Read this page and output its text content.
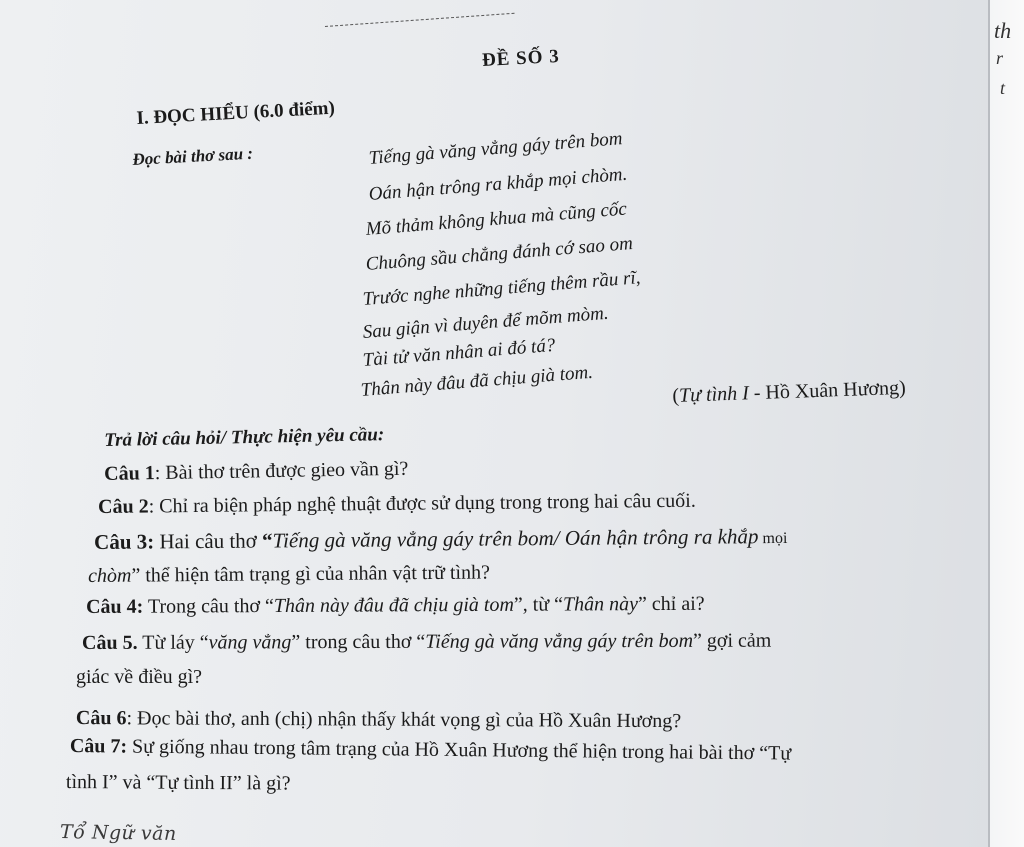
th
r
t
ĐỀ SỐ 3
I. ĐỌC HIỂU (6.0 điểm)
Đọc bài thơ sau :	Tiếng gà văng vẳng gáy trên bom
Oán hận trông ra khắp mọi chòm.
Mõ thảm không khua mà cũng cốc
Chuông sầu chẳng đánh cớ sao om
Trước nghe những tiếng thêm rầu rĩ,
Sau giận vì duyên để mõm mòm.
Tài tử văn nhân ai đó tá?
Thân này đâu đã chịu già tom.	(Tự tình I - Hồ Xuân Hương)
Trả lời câu hỏi/ Thực hiện yêu cầu:
Câu 1: Bài thơ trên được gieo vần gì?
Câu 2: Chỉ ra biện pháp nghệ thuật được sử dụng trong trong hai câu cuối.
Câu 3: Hai câu thơ “Tiếng gà văng vẳng gáy trên bom/ Oán hận trông ra khắp mọi
chòm” thể hiện tâm trạng gì của nhân vật trữ tình?
Câu 4: Trong câu thơ “Thân này đâu đã chịu già tom”, từ “Thân này” chỉ ai?
Câu 5. Từ láy “văng vẳng” trong câu thơ “Tiếng gà văng vẳng gáy trên bom” gợi cảm
giác về điều gì?
Câu 6: Đọc bài thơ, anh (chị) nhận thấy khát vọng gì của Hồ Xuân Hương?
Câu 7: Sự giống nhau trong tâm trạng của Hồ Xuân Hương thể hiện trong hai bài thơ “Tự
tình I” và “Tự tình II” là gì?
Tổ Ngữ văn
